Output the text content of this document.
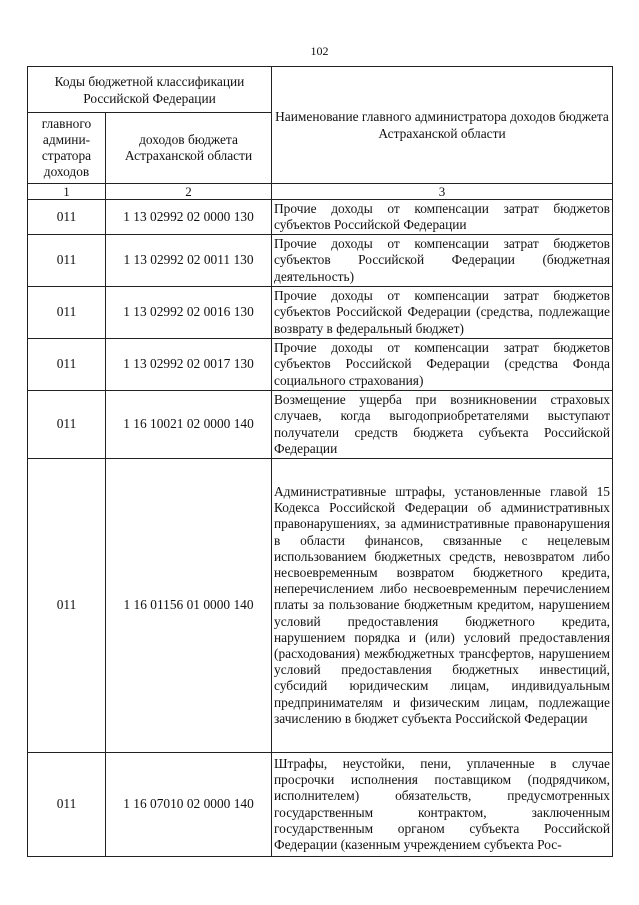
102
Коды бюджетной классификации Российской Федерации		Наименование главного администратора доходов бюджета Астраханской области
главного админи-стратора доходов	доходов бюджета Астраханской области	
1	2	3
011	1 13 02992 02 0000 130	Прочие доходы от компенсации затрат бюджетов субъектов Российской Федерации
011	1 13 02992 02 0011 130	Прочие доходы от компенсации затрат бюджетов субъектов Российской Федерации (бюджетная деятельность)
011	1 13 02992 02 0016 130	Прочие доходы от компенсации затрат бюджетов субъектов Российской Федерации (средства, подлежащие возврату в федеральный бюджет)
011	1 13 02992 02 0017 130	Прочие доходы от компенсации затрат бюджетов субъектов Российской Федерации (средства Фонда социального страхования)
011	1 16 10021 02 0000 140	Возмещение ущерба при возникновении страховых случаев, когда выгодоприобретателями выступают получатели средств бюджета субъекта Российской Федерации
011	1 16 01156 01 0000 140	Административные штрафы, установленные главой 15 Кодекса Российской Федерации об административных правонарушениях, за административные правонарушения в области финансов, связанные с нецелевым использованием бюджетных средств, невозвратом либо несвоевременным возвратом бюджетного кредита, неперечислением либо несвоевременным перечислением платы за пользование бюджетным кредитом, нарушением условий предоставления бюджетного кредита, нарушением порядка и (или) условий предоставления (расходования) межбюджетных трансфертов, нарушением условий предоставления бюджетных инвестиций, субсидий юридическим лицам, индивидуальным предпринимателям и физическим лицам, подлежащие зачислению в бюджет субъекта Российской Федерации
011	1 16 07010 02 0000 140	Штрафы, неустойки, пени, уплаченные в случае просрочки исполнения поставщиком (подрядчиком, исполнителем) обязательств, предусмотренных государственным контрактом, заключенным государственным органом субъекта Российской Федерации (казенным учреждением субъекта Рос-
